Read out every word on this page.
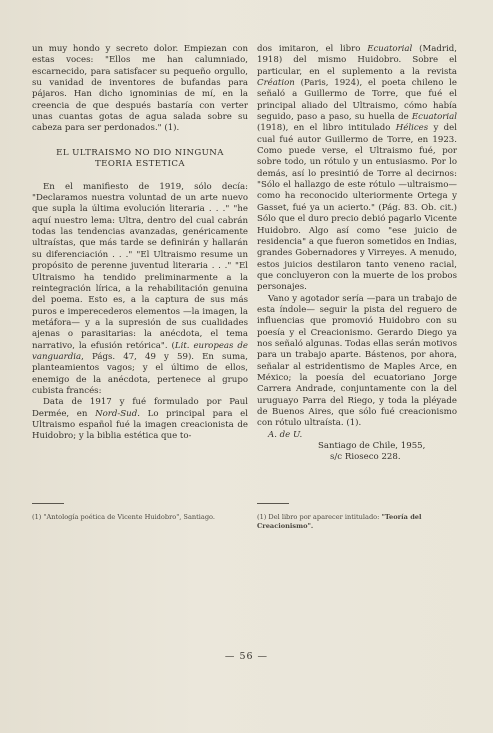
un muy hondo y secreto dolor. Empiezan con estas voces: "Ellos me han calumniado, escarnecido, para satisfacer su pequeño orgullo, su vanidad de inventores de bufandas para pájaros. Han dicho ignominias de mí, en la creencia de que después bastaría con verter unas cuantas gotas de agua salada sobre su cabeza para ser perdonados." (1).

EL ULTRAISMO NO DIO NINGUNA
TEORIA ESTETICA

En el manifiesto de 1919, sólo decía: "Declaramos nuestra voluntad de un arte nuevo que supla la última evolución literaria . . ." "he aquí nuestro lema: Ultra, dentro del cual cabrán todas las tendencias avanzadas, genéricamente ultraístas, que más tarde se definirán y hallarán su diferenciación . . ." "El Ultraismo resume un propósito de perenne juventud literaria . . ." "El Ultraismo ha tendido preliminarmente a la reintegración lírica, a la rehabilitación genuina del poema. Esto es, a la captura de sus más puros e imperecederos elementos —la imagen, la metáfora— y a la supresión de sus cualidades ajenas o parasitarias: la anécdota, el tema narrativo, la efusión retórica". (Lit. europeas de vanguardia, Págs. 47, 49 y 59). En suma, planteamientos vagos; y el último de ellos, enemigo de la anécdota, pertenece al grupo cubista francés:

Data de 1917 y fué formulado por Paul Dermée, en Nord-Sud. Lo principal para el Ultraismo español fué la imagen creacionista de Huidobro; y la biblia estética que to-

dos imitaron, el libro Ecuatorial (Madrid, 1918) del mismo Huidobro. Sobre el particular, en el suplemento a la revista Création (Paris, 1924), el poeta chileno le señaló a Guillermo de Torre, que fué el principal aliado del Ultraismo, cómo había seguido, paso a paso, su huella de Ecuatorial (1918), en el libro intitulado Hélices y del cual fué autor Guillermo de Torre, en 1923. Como puede verse, el Ultraismo fué, por sobre todo, un rótulo y un entusiasmo. Por lo demás, así lo presintió de Torre al decirnos: "Sólo el hallazgo de este rótulo —ultraismo— como ha reconocido ulteriormente Ortega y Gasset, fué ya un acierto." (Pág. 83. Ob. cit.) Sólo que el duro precio debió pagarlo Vicente Huidobro. Algo así como "ese juicio de residencia" a que fueron sometidos en Indias, grandes Gobernadores y Virreyes. A menudo, estos juicios destilaron tanto veneno racial, que concluyeron con la muerte de los probos personajes.

Vano y agotador sería —para un trabajo de esta índole— seguir la pista del reguero de influencias que promovió Huidobro con su poesía y el Creacionismo. Gerardo Diego ya nos señaló algunas. Todas ellas serán motivos para un trabajo aparte. Bástenos, por ahora, señalar al estridentismo de Maples Arce, en México; la poesía del ecuatoriano Jorge Carrera Andrade, conjuntamente con la del uruguayo Parra del Riego, y toda la pléyade de Buenos Aires, que sólo fué creacionismo con rótulo ultraísta. (1).

A. de U.

Santiago de Chile, 1955,

s/c Rioseco 228.

(1) "Antología poética de Vicente Huidobro", Santiago.	(1) Del libro por aparecer intitulado: "Teoría del Creacionismo".
— 56 —
